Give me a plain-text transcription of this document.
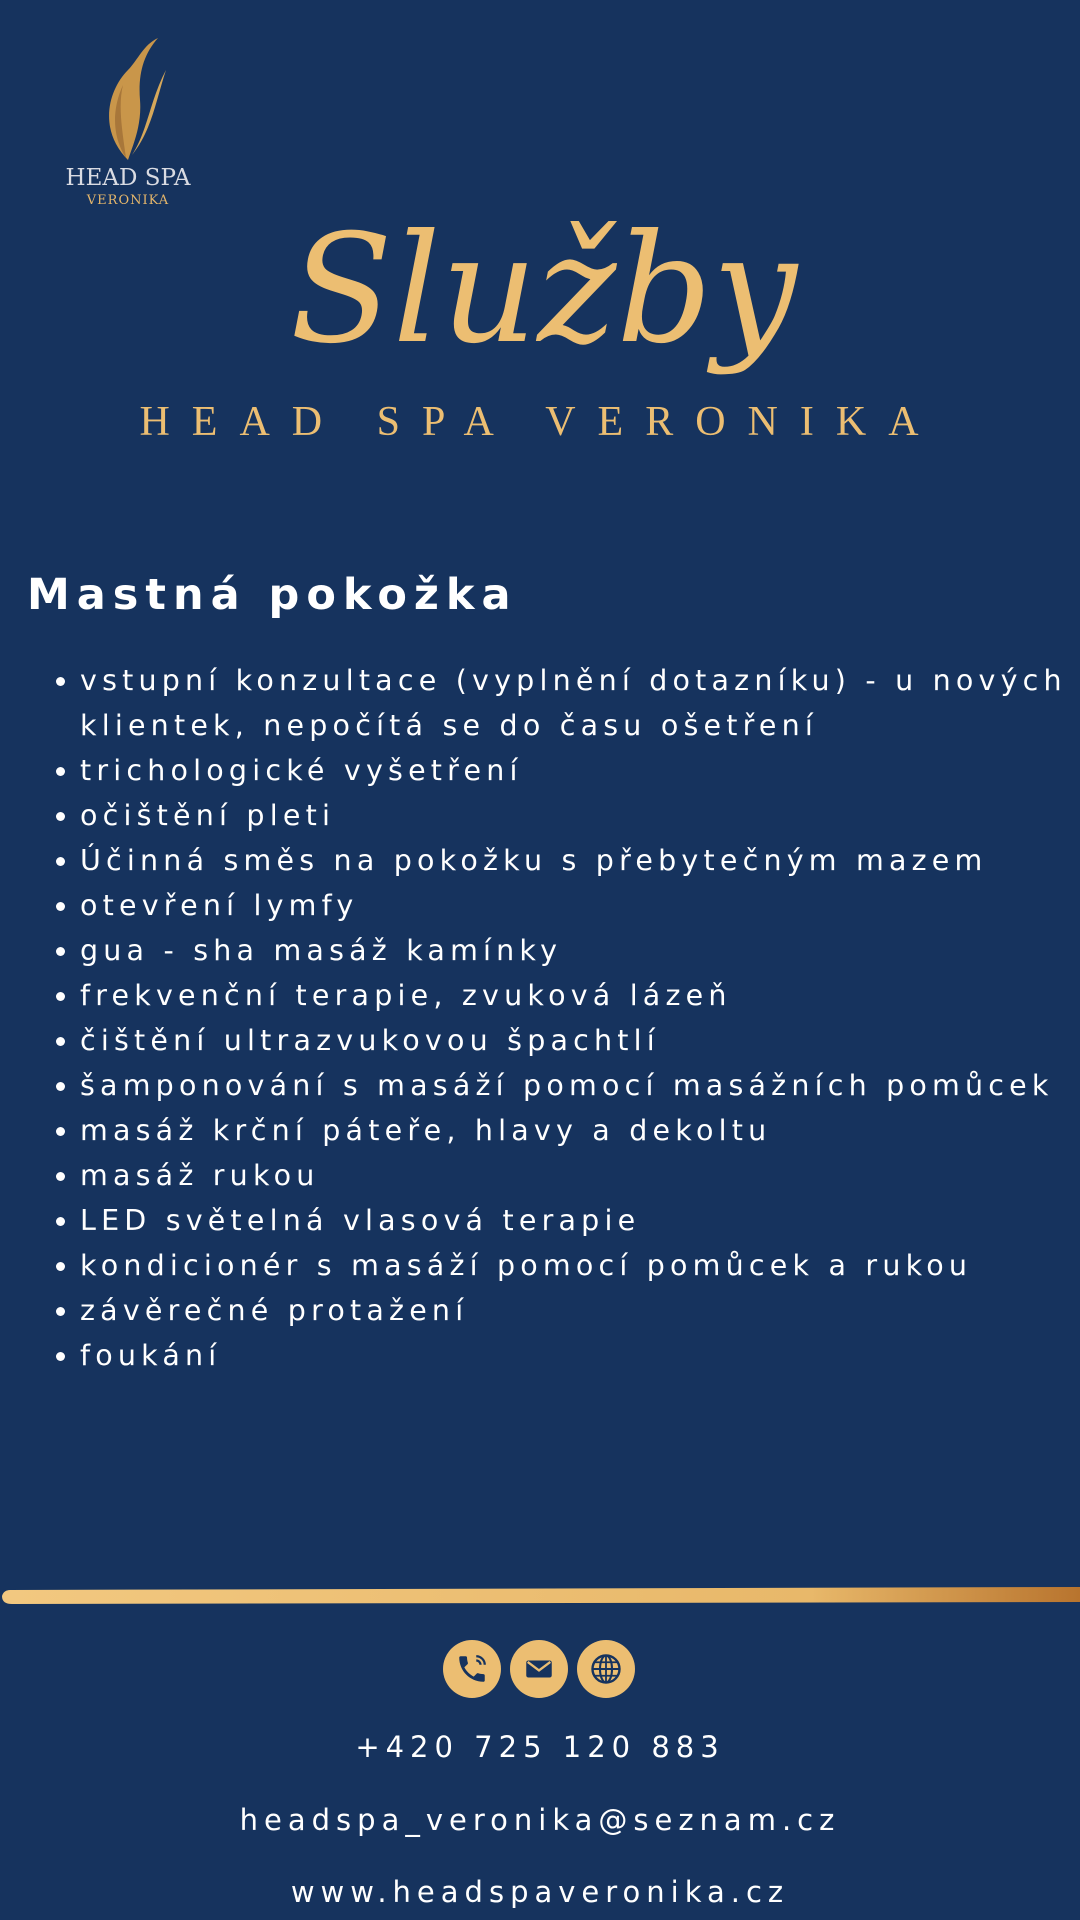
HEAD SPA
VERONIKA
Služby
HEAD SPA VERONIKA
Mastná pokožka
vstupní konzultace (vyplnění dotazníku) - u nových klientek, nepočítá se do času ošetření
trichologické vyšetření
očištění pleti
Účinná směs na pokožku s přebytečným mazem
otevření lymfy
gua - sha masáž kamínky
frekvenční terapie, zvuková lázeň
čištění ultrazvukovou špachtlí
šamponování s masáží pomocí masážních pomůcek
masáž krční páteře, hlavy a dekoltu
masáž rukou
LED světelná vlasová terapie
kondicionér s masáží pomocí pomůcek a rukou
závěrečné protažení
foukání
+420 725 120 883
headspa_veronika@seznam.cz
www.headspaveronika.cz
